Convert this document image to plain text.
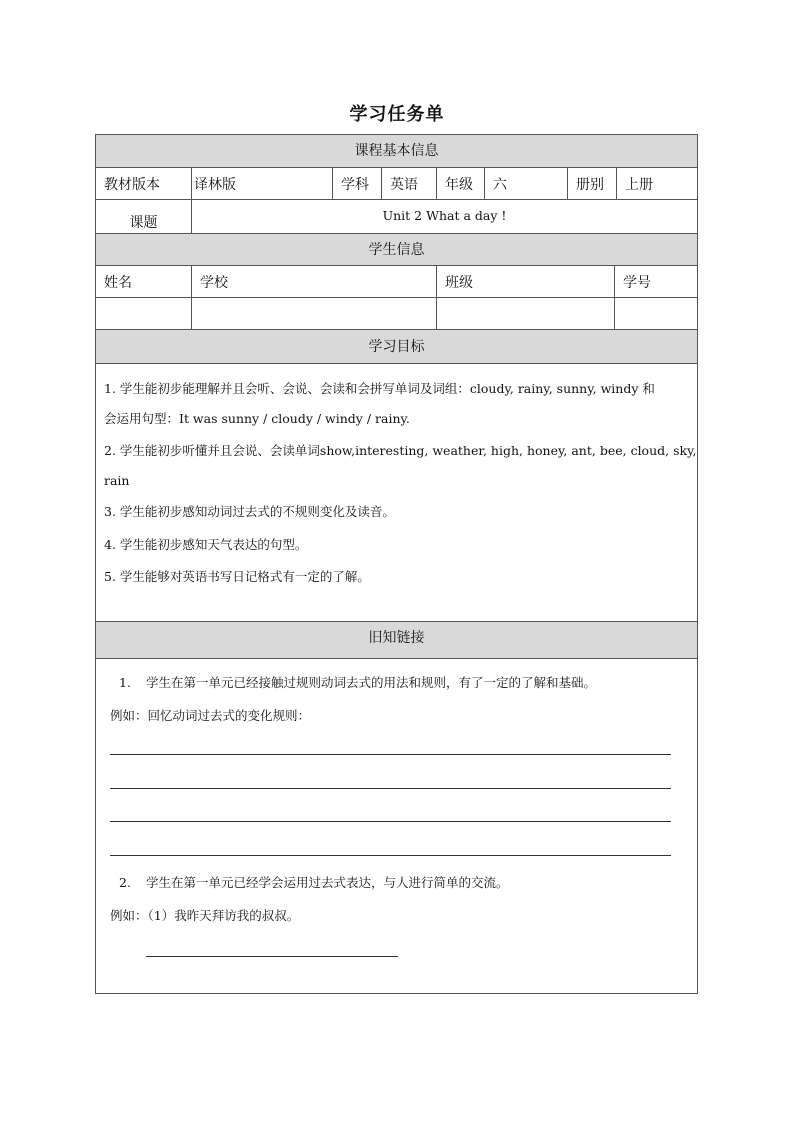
学习任务单
课程基本信息
教材版本	译林版	学科	英语	年级	六	册别	上册
课题	Unit 2 What a day !
学生信息
姓名	学校	班级	学号
学习目标
1. 学生能初步能理解并且会听、会说、会读和会拼写单词及词组：cloudy, rainy, sunny, windy 和
会运用句型：It was sunny / cloudy / windy / rainy.
2. 学生能初步听懂并且会说、会读单词show,interesting, weather, high, honey, ant, bee, cloud, sky,
rain
3. 学生能初步感知动词过去式的不规则变化及读音。
4. 学生能初步感知天气表达的句型。
5. 学生能够对英语书写日记格式有一定的了解。
旧知链接
1. 学生在第一单元已经接触过规则动词去式的用法和规则，有了一定的了解和基础。
例如：回忆动词过去式的变化规则：
2. 学生在第一单元已经学会运用过去式表达，与人进行简单的交流。
例如：（1）我昨天拜访我的叔叔。
